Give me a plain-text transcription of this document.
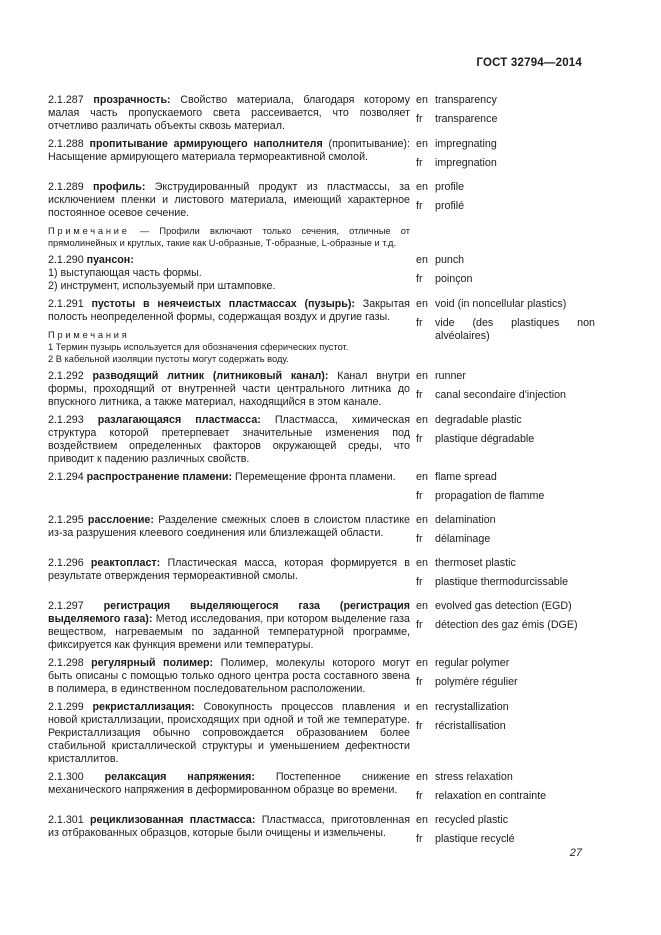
ГОСТ 32794—2014

2.1.287 прозрачность: Свойство материала, благодаря которому малая часть пропускаемого света рассеивается, что позволяет отчетливо различать объекты сквозь материал.

en transparency
fr	transparence

2.1.288 пропитывание армирующего наполнителя (пропитывание): Насыщение армирующего материала термореактивной смолой.

en impregnating
fr	impregnation

2.1.289 профиль: Экструдированный продукт из пластмассы, за исключением пленки и листового материала, имеющий характерное постоянное осевое сечение.

Примечание — Профили включают только сечения, отличные от прямолинейных и круглых, такие как U-образные, Т-образные, L-образные и т.д.

en profile
fr	profilé

2.1.290 пуансон:

1) выступающая часть формы.
2) инструмент, используемый при штамповке.
en punch
fr	poinçon

2.1.291 пустоты в неячеистых пластмассах (пузырь): Закрытая полость неопределенной формы, содержащая воздух и другие газы.

Примечания
1 Термин пузырь используется для обозначения сферических пустот.
2 В кабельной изоляции пустоты могут содержать воду.
en void (in noncellular plastics)
fr	vide (des plastiques non alvéolaires)

2.1.292 разводящий литник (литниковый канал): Канал внутри формы, проходящий от внутренней части центрального литника до впускного литника, а также материал, находящийся в этом канале.

en runner
fr	canal secondaire d'injection

2.1.293 разлагающаяся пластмасса: Пластмасса, химическая структура которой претерпевает значительные изменения под воздействием определенных факторов окружающей среды, что приводит к падению различных свойств.

en degradable plastic
fr	plastique dégradable

2.1.294 распространение пламени: Перемещение фронта пламени.	en flame spread
fr	propagation de flamme

2.1.295 расслоение: Разделение смежных слоев в слоистом пластике из-за разрушения клеевого соединения или близлежащей области.

en delamination
fr	délaminage

2.1.296 реактопласт: Пластическая масса, которая формируется в результате отверждения термореактивной смолы.

en thermoset plastic
fr	plastique thermodurcissable

2.1.297 регистрация выделяющегося газа (регистрация выделяемого газа): Метод исследования, при котором выделение газа веществом, нагреваемым по заданной температурной программе, фиксируется как функция времени или температуры.

en evolved gas detection (EGD)
fr	détection des gaz émis (DGE)

2.1.298 регулярный полимер: Полимер, молекулы которого могут быть описаны с помощью только одного центра роста составного звена в полимера, в единственном последовательном расположении.

en regular polymer
fr	polymère régulier

2.1.299 рекристаллизация: Совокупность процессов плавления и новой кристаллизации, происходящих при одной и той же температуре. Рекристаллизация обычно сопровождается образованием более стабильной кристаллической структуры и уменьшением дефектности кристаллитов.

en recrystallization
fr	récristallisation

2.1.300 релаксация напряжения: Постепенное снижение механического напряжения в деформированном образце во времени.

en stress relaxation
fr	relaxation en contrainte

2.1.301 рециклизованная пластмасса: Пластмасса, приготовленная из отбракованных образцов, которые были очищены и измельчены.

en recycled plastic
fr	plastique recyclé
27
